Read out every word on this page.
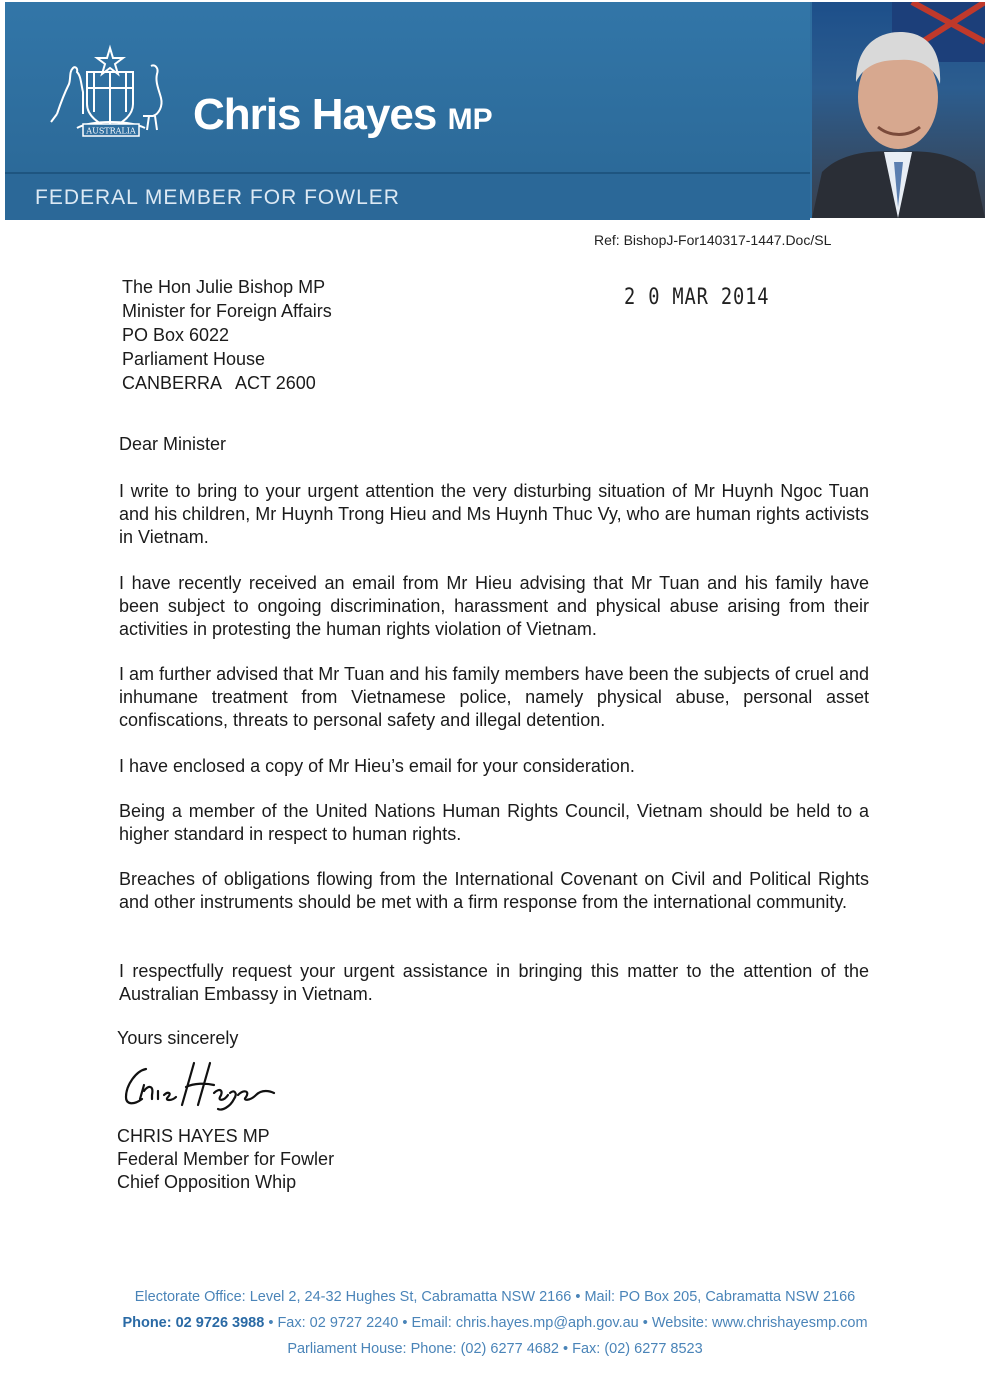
AUSTRALIA Chris Hayes MP
FEDERAL MEMBER FOR FOWLER
Ref: BishopJ-For140317-1447.Doc/SL
The Hon Julie Bishop MP
Minister for Foreign Affairs
PO Box 6022
Parliament House
CANBERRA   ACT 2600
2 0 MAR 2014
Dear Minister
I write to bring to your urgent attention the very disturbing situation of Mr Huynh Ngoc Tuan and his children, Mr Huynh Trong Hieu and Ms Huynh Thuc Vy, who are human rights activists in Vietnam.
I have recently received an email from Mr Hieu advising that Mr Tuan and his family have been subject to ongoing discrimination, harassment and physical abuse arising from their activities in protesting the human rights violation of Vietnam.
I am further advised that Mr Tuan and his family members have been the subjects of cruel and inhumane treatment from Vietnamese police, namely physical abuse, personal asset confiscations, threats to personal safety and illegal detention.
I have enclosed a copy of Mr Hieu’s email for your consideration.
Being a member of the United Nations Human Rights Council, Vietnam should be held to a higher standard in respect to human rights.
Breaches of obligations flowing from the International Covenant on Civil and Political Rights and other instruments should be met with a firm response from the international community.
I respectfully request your urgent assistance in bringing this matter to the attention of the Australian Embassy in Vietnam.
Yours sincerely
CHRIS HAYES MP
Federal Member for Fowler
Chief Opposition Whip
Electorate Office: Level 2, 24-32 Hughes St, Cabramatta NSW 2166 • Mail: PO Box 205, Cabramatta NSW 2166
Phone: 02 9726 3988 • Fax: 02 9727 2240 • Email: chris.hayes.mp@aph.gov.au • Website: www.chrishayesmp.com
Parliament House: Phone: (02) 6277 4682 • Fax: (02) 6277 8523
